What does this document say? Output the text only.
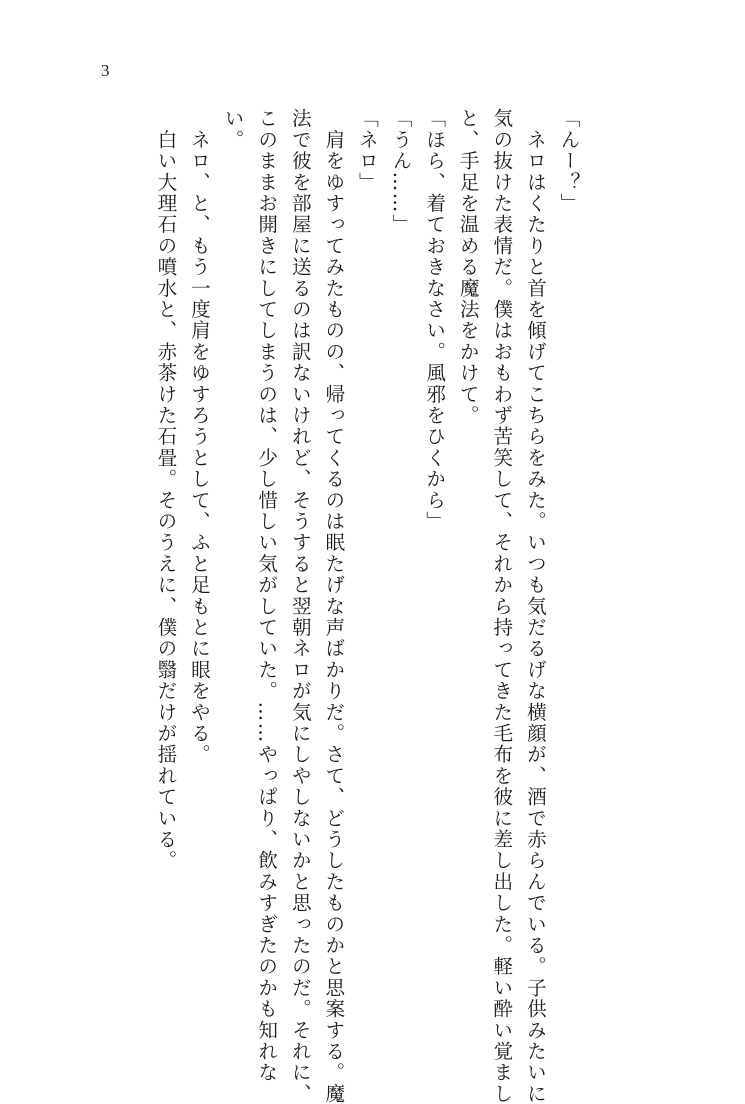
3

「んー？」

　ネロはくたりと首を傾げてこちらをみた。いつも気だるげな横顔が、酒で赤らんでいる。子供みたいに

気の抜けた表情だ。僕はおもわず苦笑して、それから持ってきた毛布を彼に差し出した。軽い酔い覚まし

と、手足を温める魔法をかけて。

「ほら、着ておきなさい。風邪をひくから」

「うん……」

「ネロ」

　肩をゆすってみたものの、帰ってくるのは眠たげな声ばかりだ。さて、どうしたものかと思案する。魔

法で彼を部屋に送るのは訳ないけれど、そうすると翌朝ネロが気にしやしないかと思ったのだ。それに、

このままお開きにしてしまうのは、少し惜しい気がしていた。……やっぱり、飲みすぎたのかも知れな

い。

　ネロ、と、もう一度肩をゆすろうとして、ふと足もとに眼をやる。

　白い大理石の噴水と、赤茶けた石畳。そのうえに、僕の翳だけが揺れている。
